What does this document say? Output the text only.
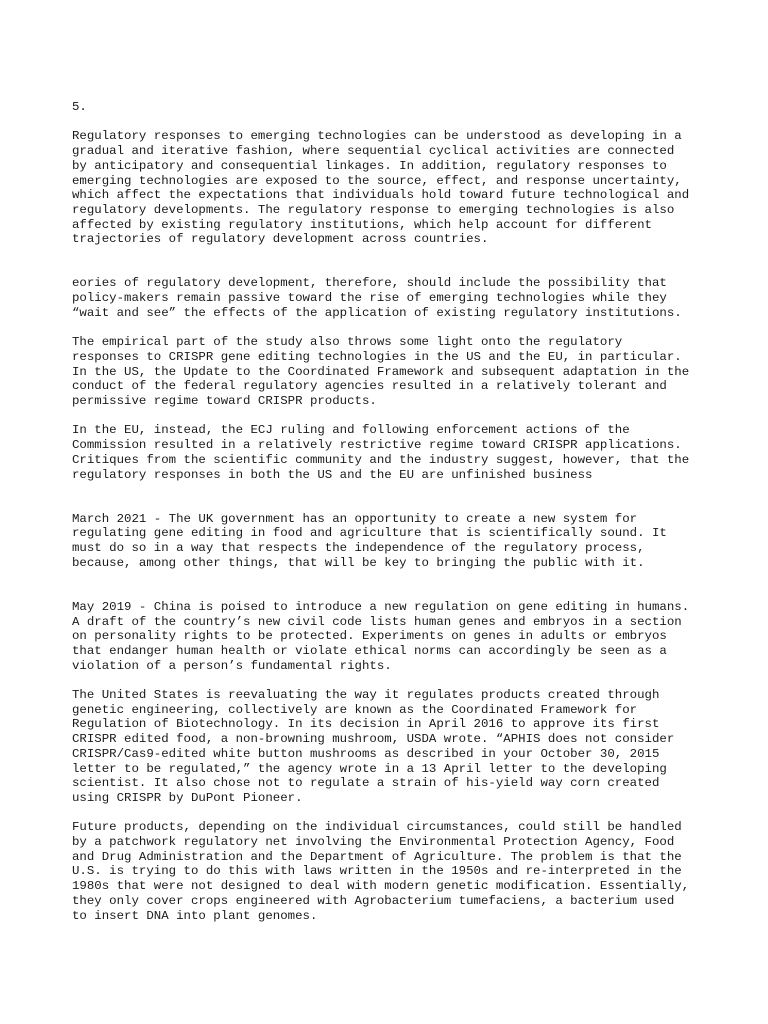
5.

Regulatory responses to emerging technologies can be understood as developing in a
gradual and iterative fashion, where sequential cyclical activities are connected
by anticipatory and consequential linkages. In addition, regulatory responses to
emerging technologies are exposed to the source, effect, and response uncertainty,
which affect the expectations that individuals hold toward future technological and
regulatory developments. The regulatory response to emerging technologies is also
affected by existing regulatory institutions, which help account for different
trajectories of regulatory development across countries.
eories of regulatory development, therefore, should include the possibility that
policy-makers remain passive toward the rise of emerging technologies while they
“wait and see” the effects of the application of existing regulatory institutions.
The empirical part of the study also throws some light onto the regulatory
responses to CRISPR gene editing technologies in the US and the EU, in particular.
In the US, the Update to the Coordinated Framework and subsequent adaptation in the
conduct of the federal regulatory agencies resulted in a relatively tolerant and
permissive regime toward CRISPR products.
In the EU, instead, the ECJ ruling and following enforcement actions of the
Commission resulted in a relatively restrictive regime toward CRISPR applications.
Critiques from the scientific community and the industry suggest, however, that the
regulatory responses in both the US and the EU are unfinished business
March 2021 - The UK government has an opportunity to create a new system for
regulating gene editing in food and agriculture that is scientifically sound. It
must do so in a way that respects the independence of the regulatory process,
because, among other things, that will be key to bringing the public with it.
May 2019 - China is poised to introduce a new regulation on gene editing in humans.
A draft of the country’s new civil code lists human genes and embryos in a section
on personality rights to be protected. Experiments on genes in adults or embryos
that endanger human health or violate ethical norms can accordingly be seen as a
violation of a person’s fundamental rights.
The United States is reevaluating the way it regulates products created through
genetic engineering, collectively are known as the Coordinated Framework for
Regulation of Biotechnology. In its decision in April 2016 to approve its first
CRISPR edited food, a non-browning mushroom, USDA wrote. “APHIS does not consider
CRISPR/Cas9-edited white button mushrooms as described in your October 30, 2015
letter to be regulated,” the agency wrote in a 13 April letter to the developing
scientist. It also chose not to regulate a strain of his-yield way corn created
using CRISPR by DuPont Pioneer.
Future products, depending on the individual circumstances, could still be handled
by a patchwork regulatory net involving the Environmental Protection Agency, Food
and Drug Administration and the Department of Agriculture. The problem is that the
U.S. is trying to do this with laws written in the 1950s and re-interpreted in the
1980s that were not designed to deal with modern genetic modification. Essentially,
they only cover crops engineered with Agrobacterium tumefaciens, a bacterium used
to insert DNA into plant genomes.
